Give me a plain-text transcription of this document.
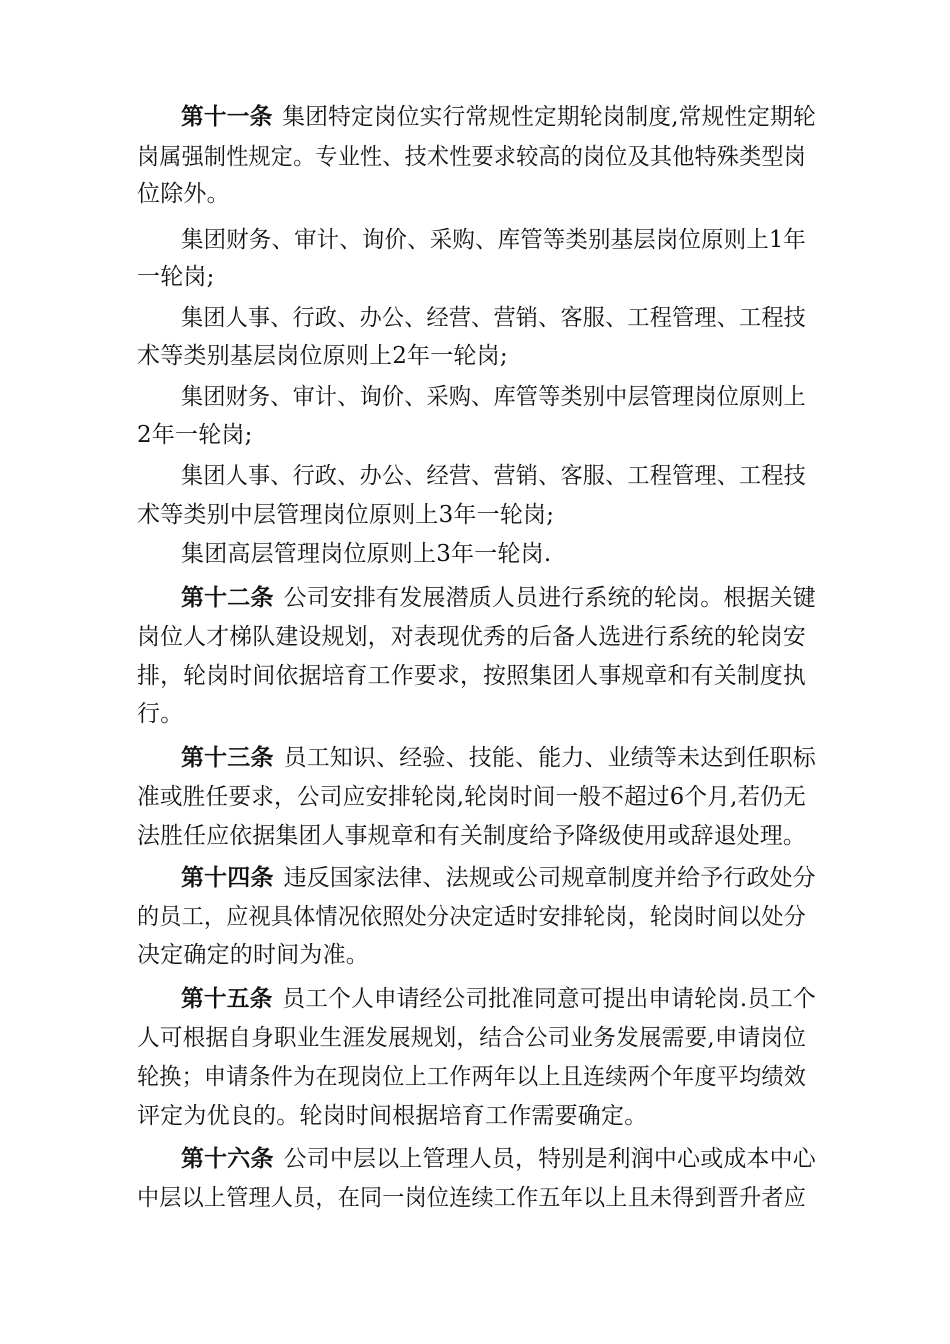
第十一条 集团特定岗位实行常规性定期轮岗制度,常规性定期轮
岗属强制性规定。专业性、技术性要求较高的岗位及其他特殊类型岗
位除外。
集团财务、审计、询价、采购、库管等类别基层岗位原则上1年
一轮岗;
集团人事、行政、办公、经营、营销、客服、工程管理、工程技
术等类别基层岗位原则上2年一轮岗;
集团财务、审计、询价、采购、库管等类别中层管理岗位原则上
2年一轮岗;
集团人事、行政、办公、经营、营销、客服、工程管理、工程技
术等类别中层管理岗位原则上3年一轮岗;
集团高层管理岗位原则上3年一轮岗.
第十二条 公司安排有发展潜质人员进行系统的轮岗。根据关键
岗位人才梯队建设规划，对表现优秀的后备人选进行系统的轮岗安
排，轮岗时间依据培育工作要求，按照集团人事规章和有关制度执
行。
第十三条 员工知识、经验、技能、能力、业绩等未达到任职标
准或胜任要求，公司应安排轮岗,轮岗时间一般不超过6个月,若仍无
法胜任应依据集团人事规章和有关制度给予降级使用或辞退处理。
第十四条 违反国家法律、法规或公司规章制度并给予行政处分
的员工，应视具体情况依照处分决定适时安排轮岗，轮岗时间以处分
决定确定的时间为准。
第十五条 员工个人申请经公司批准同意可提出申请轮岗.员工个
人可根据自身职业生涯发展规划，结合公司业务发展需要,申请岗位
轮换；申请条件为在现岗位上工作两年以上且连续两个年度平均绩效
评定为优良的。轮岗时间根据培育工作需要确定。
第十六条 公司中层以上管理人员，特别是利润中心或成本中心
中层以上管理人员，在同一岗位连续工作五年以上且未得到晋升者应
